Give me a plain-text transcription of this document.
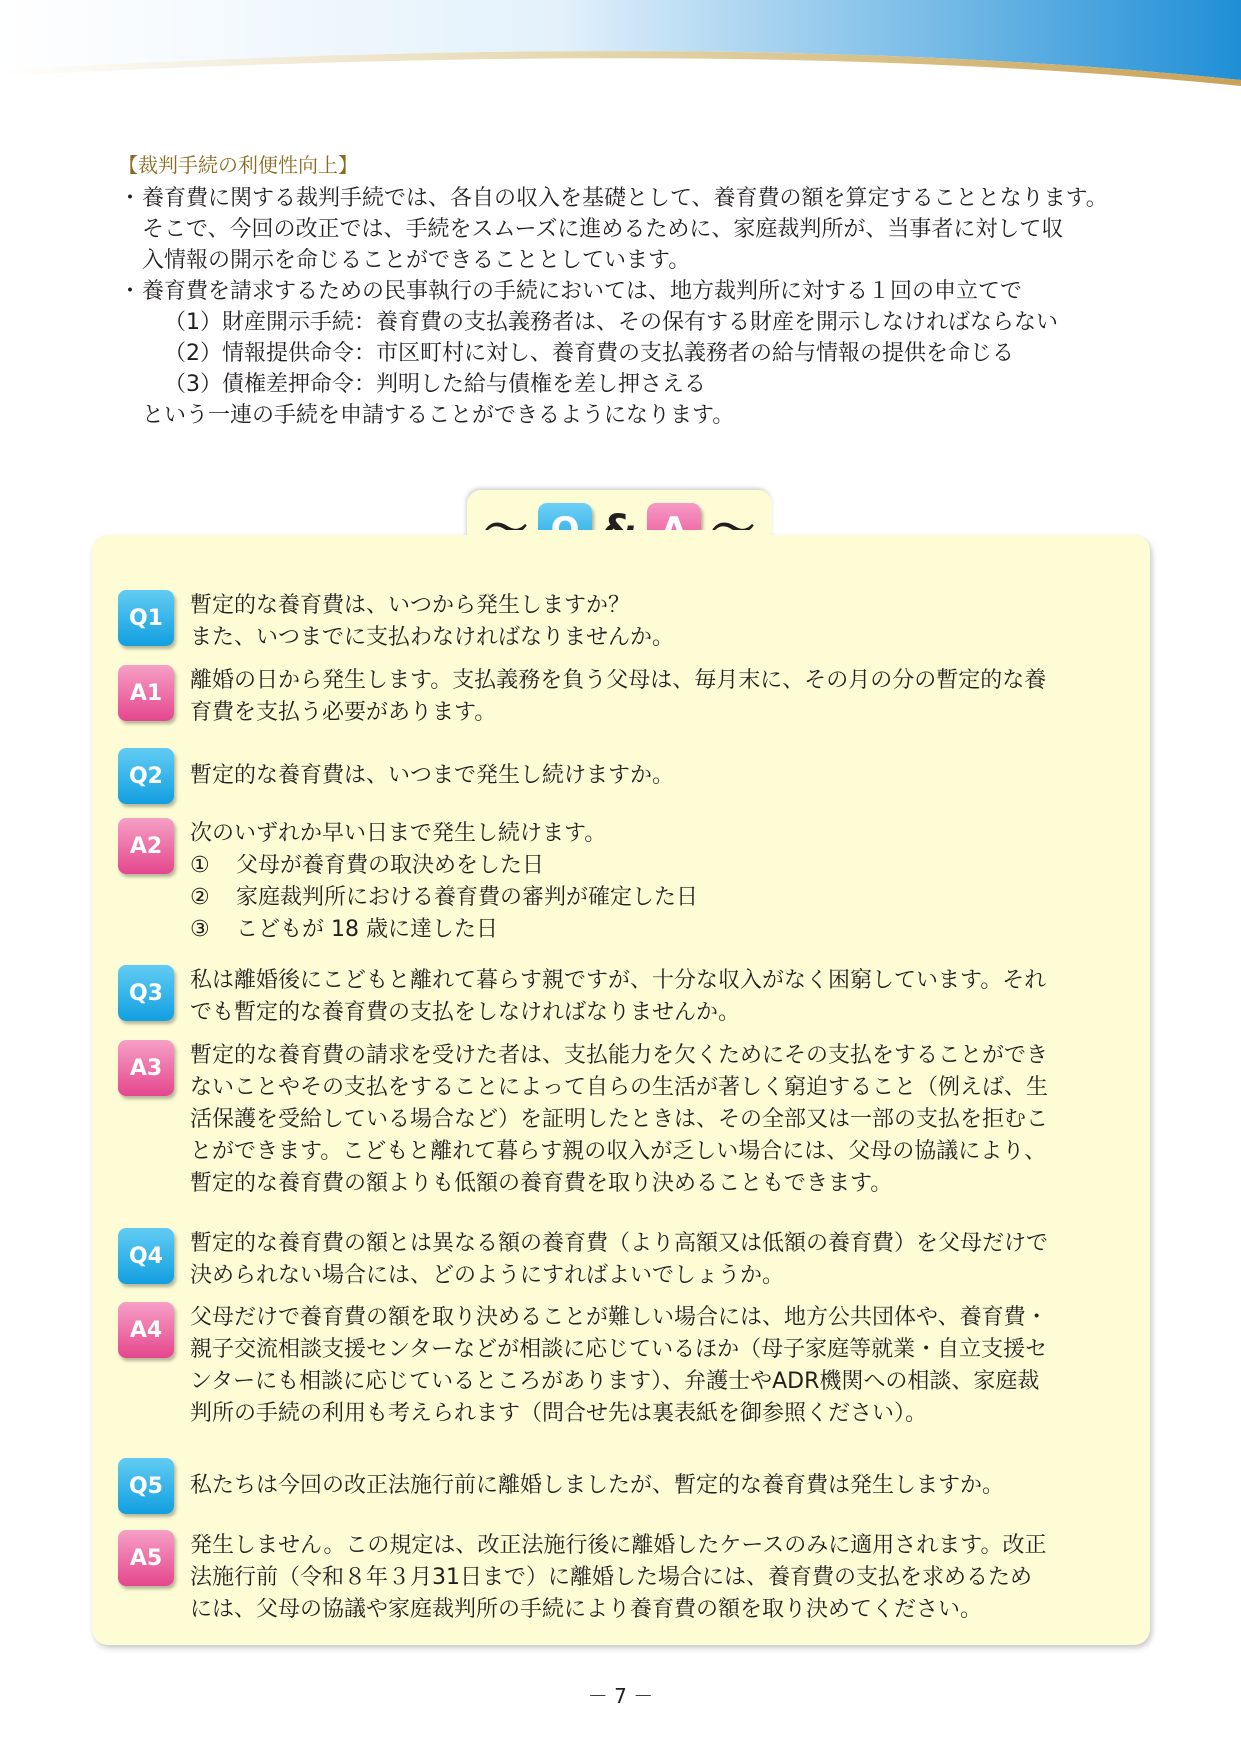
【裁判手続の利便性向上】
・ 養育費に関する裁判手続では、各自の収入を基礎として、養育費の額を算定することとなります。
そこで、今回の改正では、手続をスムーズに進めるために、家庭裁判所が、当事者に対して収
入情報の開示を命じることができることとしています。
・ 養育費を請求するための民事執行の手続においては、地方裁判所に対する１回の申立てで
（1）財産開示手続：養育費の支払義務者は、その保有する財産を開示しなければならない
（2）情報提供命令：市区町村に対し、養育費の支払義務者の給与情報の提供を命じる
（3）債権差押命令：判明した給与債権を差し押さえる
という一連の手続を申請することができるようになります。
Q1	暫定的な養育費は、いつから発生しますか？
また、いつまでに支払わなければなりませんか。
A1	離婚の日から発生します。支払義務を負う父母は、毎月末に、その月の分の暫定的な養
育費を支払う必要があります。
Q2	暫定的な養育費は、いつまで発生し続けますか。
A2	次のいずれか早い日まで発生し続けます。
①	父母が養育費の取決めをした日
②	家庭裁判所における養育費の審判が確定した日
③	こどもが 18 歳に達した日
Q3	私は離婚後にこどもと離れて暮らす親ですが、十分な収入がなく困窮しています。それ
でも暫定的な養育費の支払をしなければなりませんか。
A3	暫定的な養育費の請求を受けた者は、支払能力を欠くためにその支払をすることができ
ないことやその支払をすることによって自らの生活が著しく窮迫すること（例えば、生
活保護を受給している場合など）を証明したときは、その全部又は一部の支払を拒むこ
とができます。こどもと離れて暮らす親の収入が乏しい場合には、父母の協議により、
暫定的な養育費の額よりも低額の養育費を取り決めることもできます。
Q4	暫定的な養育費の額とは異なる額の養育費（より高額又は低額の養育費）を父母だけで
決められない場合には、どのようにすればよいでしょうか。
A4	父母だけで養育費の額を取り決めることが難しい場合には、地方公共団体や、養育費・
親子交流相談支援センターなどが相談に応じているほか（母子家庭等就業・自立支援セ
ンターにも相談に応じているところがあります）、弁護士やADR機関への相談、家庭裁
判所の手続の利用も考えられます（問合せ先は裏表紙を御参照ください）。
Q5	私たちは今回の改正法施行前に離婚しましたが、暫定的な養育費は発生しますか。
A5	発生しません。この規定は、改正法施行後に離婚したケースのみに適用されます。改正
法施行前（令和８年３月31日まで）に離婚した場合には、養育費の支払を求めるため
には、父母の協議や家庭裁判所の手続により養育費の額を取り決めてください。
－ 7 －
